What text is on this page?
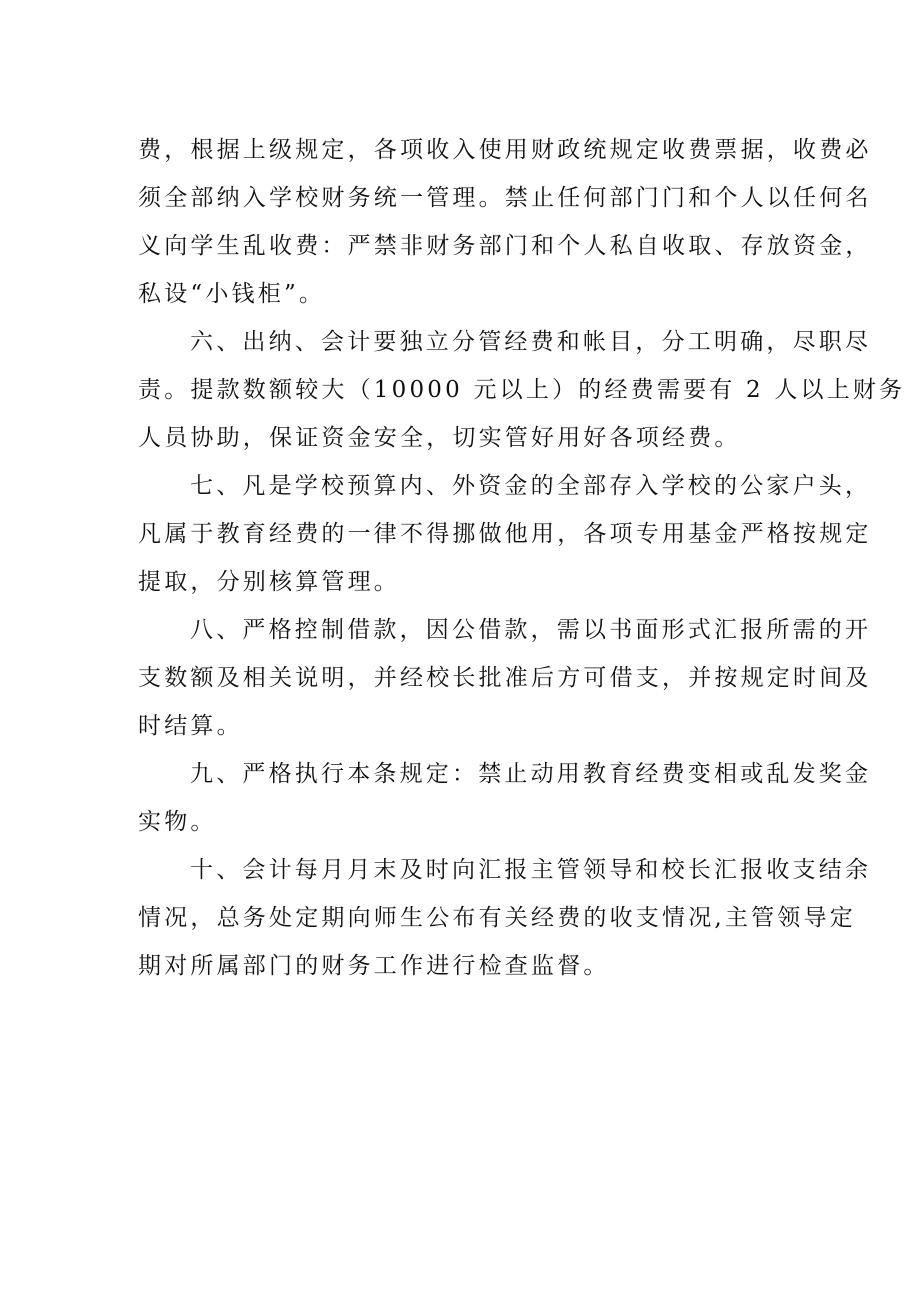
费，根据上级规定，各项收入使用财政统规定收费票据，收费必
须全部纳入学校财务统一管理。禁止任何部门门和个人以任何名
义向学生乱收费：严禁非财务部门和个人私自收取、存放资金，
私设“小钱柜”。

六、出纳、会计要独立分管经费和帐目，分工明确，尽职尽
责。提款数额较大（10000 元以上）的经费需要有 2 人以上财务
人员协助，保证资金安全，切实管好用好各项经费。

七、凡是学校预算内、外资金的全部存入学校的公家户头，
凡属于教育经费的一律不得挪做他用，各项专用基金严格按规定
提取，分别核算管理。

八、严格控制借款，因公借款，需以书面形式汇报所需的开
支数额及相关说明，并经校长批准后方可借支，并按规定时间及
时结算。

九、严格执行本条规定：禁止动用教育经费变相或乱发奖金
实物。

十、会计每月月末及时向汇报主管领导和校长汇报收支结余
情况，总务处定期向师生公布有关经费的收支情况,主管领导定
期对所属部门的财务工作进行检查监督。
